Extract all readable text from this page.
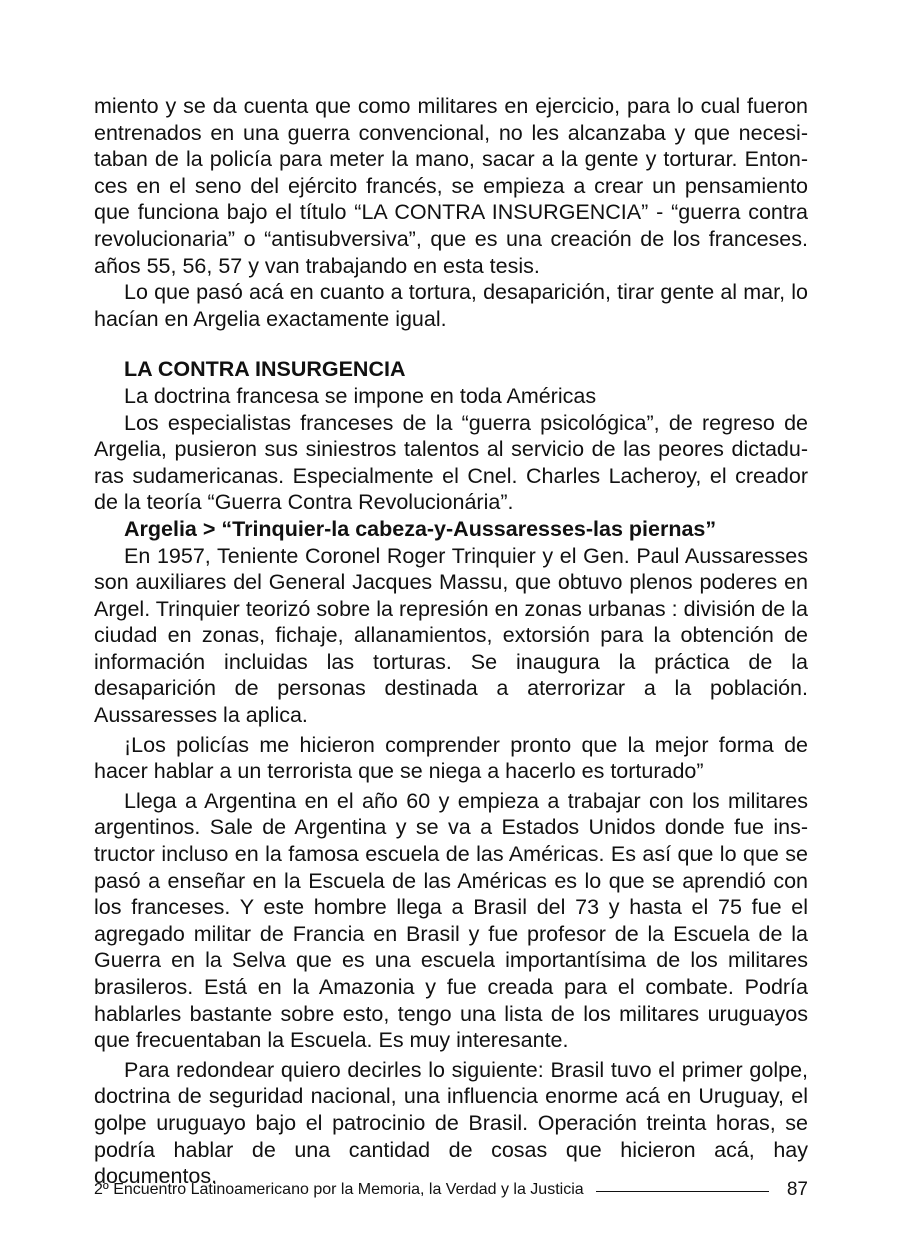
miento y se da cuenta que como militares en ejercicio, para lo cual fueron entrenados en una guerra convencional, no les alcanzaba y que necesitaban de la policía para meter la mano, sacar a la gente y torturar. Entonces en el seno del ejército francés, se empieza a crear un pensamiento que funciona bajo el título “LA CONTRA INSURGENCIA” - “guerra contra revolucionaria” o “antisubversiva”, que es una creación de los franceses. años 55, 56, 57 y van trabajando en esta tesis.

Lo que pasó acá en cuanto a tortura, desaparición, tirar gente al mar, lo hacían en Argelia exactamente igual.

LA CONTRA INSURGENCIA

La doctrina francesa se impone en toda Américas

Los especialistas franceses de la “guerra psicológica”, de regreso de Argelia, pusieron sus siniestros talentos al servicio de las peores dictaduras sudamericanas. Especialmente el Cnel. Charles Lacheroy, el creador de la teoría “Guerra Contra Revolucionária”.

Argelia > “Trinquier-la cabeza-y-Aussaresses-las piernas”

En 1957, Teniente Coronel Roger Trinquier y el Gen. Paul Aussaresses son auxiliares del General Jacques Massu, que obtuvo plenos poderes en Argel. Trinquier teorizó sobre la represión en zonas urbanas : división de la ciudad en zonas, fichaje, allanamientos, extorsión para la obtención de información incluidas las torturas. Se inaugura la práctica de la desaparición de personas destinada a aterrorizar a la población. Aussaresses la aplica.

¡Los policías me hicieron comprender pronto que la mejor forma de hacer hablar a un terrorista que se niega a hacerlo es torturado”

Llega a Argentina en el año 60 y empieza a trabajar con los militares argentinos. Sale de Argentina y se va a Estados Unidos donde fue instructor incluso en la famosa escuela de las Américas. Es así que lo que se pasó a enseñar en la Escuela de las Américas es lo que se aprendió con los franceses. Y este hombre llega a Brasil del 73 y hasta el 75 fue el agregado militar de Francia en Brasil y fue profesor de la Escuela de la Guerra en la Selva que es una escuela importantísima de los militares brasileros. Está en la Amazonia y fue creada para el combate. Podría hablarles bastante sobre esto, tengo una lista de los militares uruguayos que frecuentaban la Escuela. Es muy interesante.

Para redondear quiero decirles lo siguiente: Brasil tuvo el primer golpe, doctrina de seguridad nacional, una influencia enorme acá en Uruguay, el golpe uruguayo bajo el patrocinio de Brasil. Operación treinta horas, se podría hablar de una cantidad de cosas que hicieron acá, hay documentos.

2º Encuentro Latinoamericano por la Memoria, la Verdad y la Justicia	87
